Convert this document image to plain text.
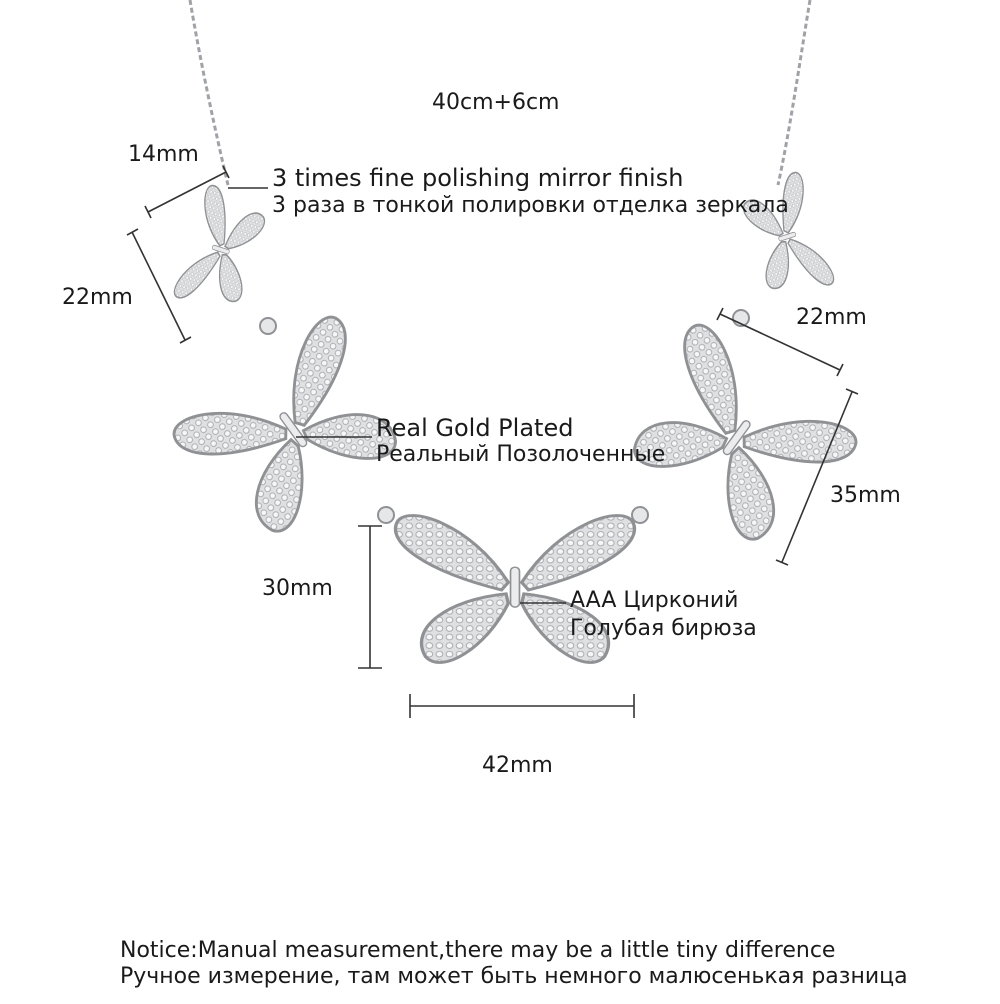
40cm+6cm
14mm
22mm
22mm
35mm
30mm
42mm
3 times fine polishing mirror finish
3 раза в тонкой полировки отделка зеркала
Real Gold Plated
Реальный Позолоченные
AAA Цирконий
Голубая бирюза
Notice:Manual measurement,there may be a little tiny difference
Ручное измерение, там может быть немного малюсенькая разница
